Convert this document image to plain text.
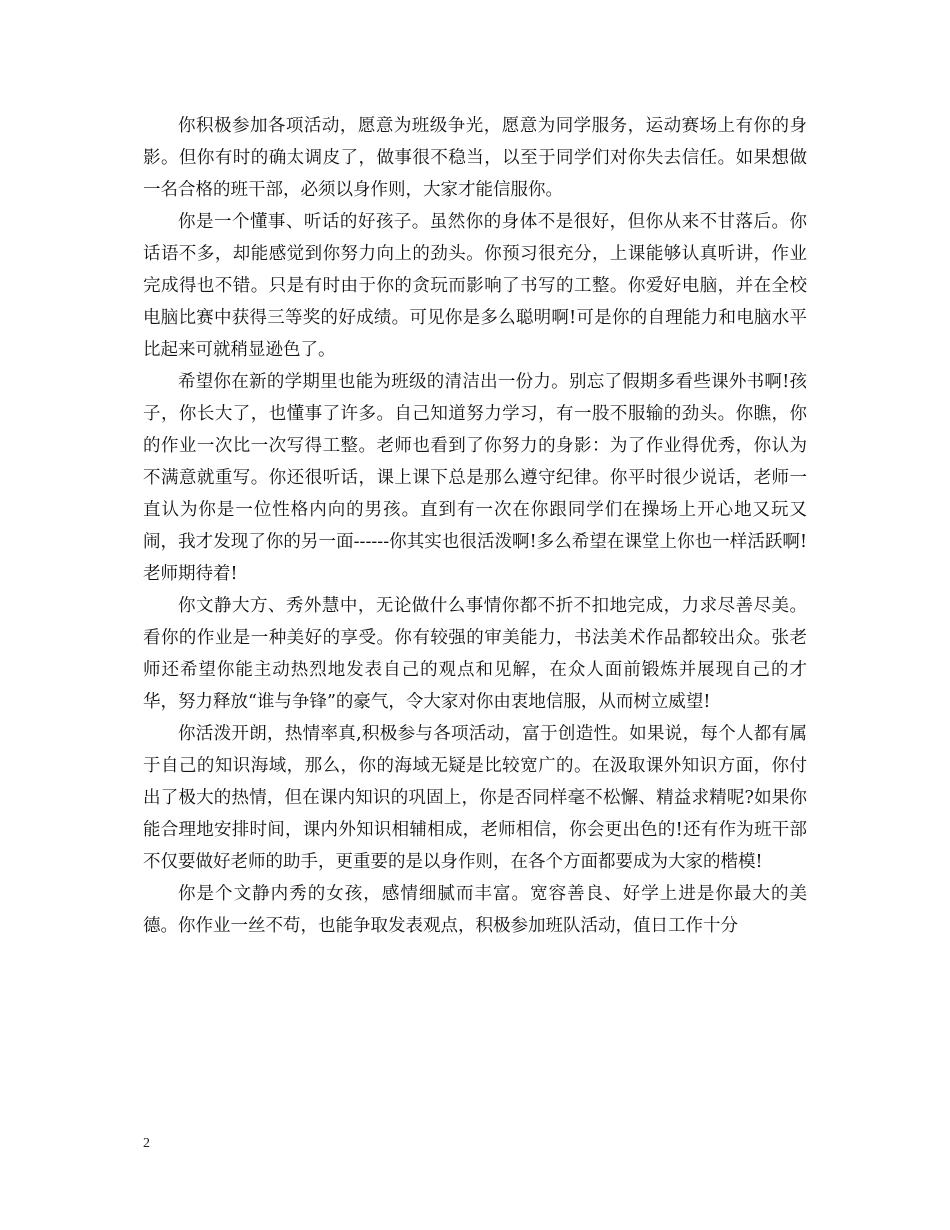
你积极参加各项活动，愿意为班级争光，愿意为同学服务，运动赛场上有你的身影。但你有时的确太调皮了，做事很不稳当，以至于同学们对你失去信任。如果想做一名合格的班干部，必须以身作则，大家才能信服你。

你是一个懂事、听话的好孩子。虽然你的身体不是很好，但你从来不甘落后。你话语不多，却能感觉到你努力向上的劲头。你预习很充分，上课能够认真听讲，作业完成得也不错。只是有时由于你的贪玩而影响了书写的工整。你爱好电脑，并在全校电脑比赛中获得三等奖的好成绩。可见你是多么聪明啊!可是你的自理能力和电脑水平比起来可就稍显逊色了。

希望你在新的学期里也能为班级的清洁出一份力。别忘了假期多看些课外书啊!孩子，你长大了，也懂事了许多。自己知道努力学习，有一股不服输的劲头。你瞧，你的作业一次比一次写得工整。老师也看到了你努力的身影：为了作业得优秀，你认为不满意就重写。你还很听话，课上课下总是那么遵守纪律。你平时很少说话，老师一直认为你是一位性格内向的男孩。直到有一次在你跟同学们在操场上开心地又玩又闹，我才发现了你的另一面------你其实也很活泼啊!多么希望在课堂上你也一样活跃啊!老师期待着!

你文静大方、秀外慧中，无论做什么事情你都不折不扣地完成，力求尽善尽美。看你的作业是一种美好的享受。你有较强的审美能力，书法美术作品都较出众。张老师还希望你能主动热烈地发表自己的观点和见解，在众人面前锻炼并展现自己的才华，努力释放“谁与争锋”的豪气，令大家对你由衷地信服，从而树立威望!

你活泼开朗，热情率真,积极参与各项活动，富于创造性。如果说，每个人都有属于自己的知识海域，那么，你的海域无疑是比较宽广的。在汲取课外知识方面，你付出了极大的热情，但在课内知识的巩固上，你是否同样毫不松懈、精益求精呢?如果你能合理地安排时间，课内外知识相辅相成，老师相信，你会更出色的!还有作为班干部不仅要做好老师的助手，更重要的是以身作则，在各个方面都要成为大家的楷模!

你是个文静内秀的女孩，感情细腻而丰富。宽容善良、好学上进是你最大的美德。你作业一丝不苟，也能争取发表观点，积极参加班队活动，值日工作十分

2
